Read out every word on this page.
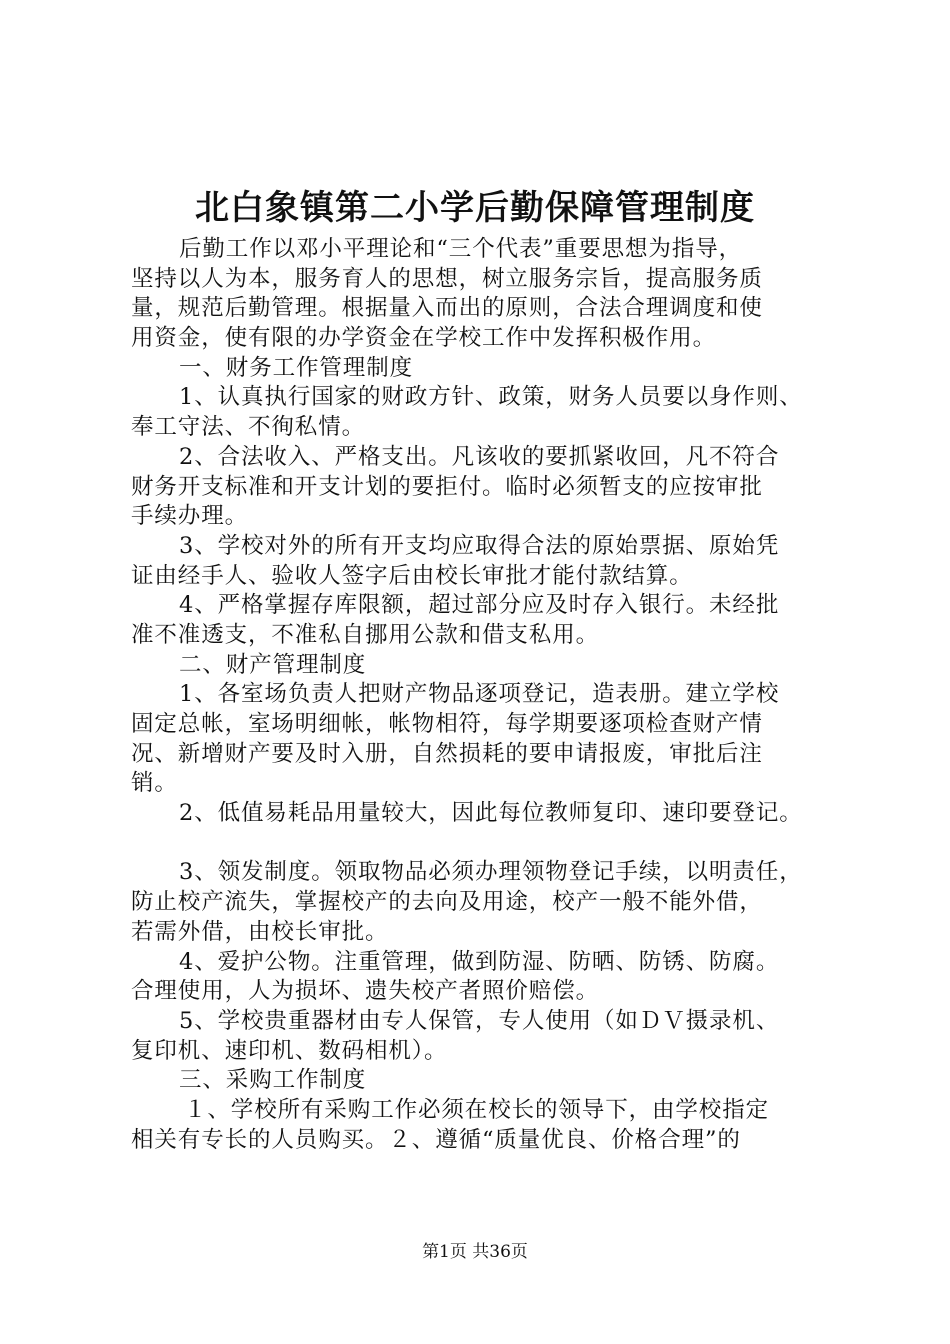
北白象镇第二小学后勤保障管理制度
后勤工作以邓小平理论和“三个代表”重要思想为指导，
坚持以人为本，服务育人的思想，树立服务宗旨，提高服务质
量，规范后勤管理。根据量入而出的原则，合法合理调度和使
用资金，使有限的办学资金在学校工作中发挥积极作用。
一、财务工作管理制度
1、认真执行国家的财政方针、政策，财务人员要以身作则、
奉工守法、不徇私情。
2、合法收入、严格支出。凡该收的要抓紧收回，凡不符合
财务开支标准和开支计划的要拒付。临时必须暂支的应按审批
手续办理。
3、学校对外的所有开支均应取得合法的原始票据、原始凭
证由经手人、验收人签字后由校长审批才能付款结算。
4、严格掌握存库限额，超过部分应及时存入银行。未经批
准不准透支，不准私自挪用公款和借支私用。
二、财产管理制度
1、各室场负责人把财产物品逐项登记，造表册。建立学校
固定总帐，室场明细帐，帐物相符，每学期要逐项检查财产情
况、新增财产要及时入册，自然损耗的要申请报废，审批后注
销。
2、低值易耗品用量较大，因此每位教师复印、速印要登记。
3、领发制度。领取物品必须办理领物登记手续，以明责任，
防止校产流失，掌握校产的去向及用途，校产一般不能外借，
若需外借，由校长审批。
4、爱护公物。注重管理，做到防湿、防晒、防锈、防腐。
合理使用，人为损坏、遗失校产者照价赔偿。
5、学校贵重器材由专人保管，专人使用（如ＤＶ摄录机、
复印机、速印机、数码相机）。
三、采购工作制度
１、学校所有采购工作必须在校长的领导下，由学校指定
相关有专长的人员购买。２、遵循“质量优良、价格合理”的
第1页 共36页
